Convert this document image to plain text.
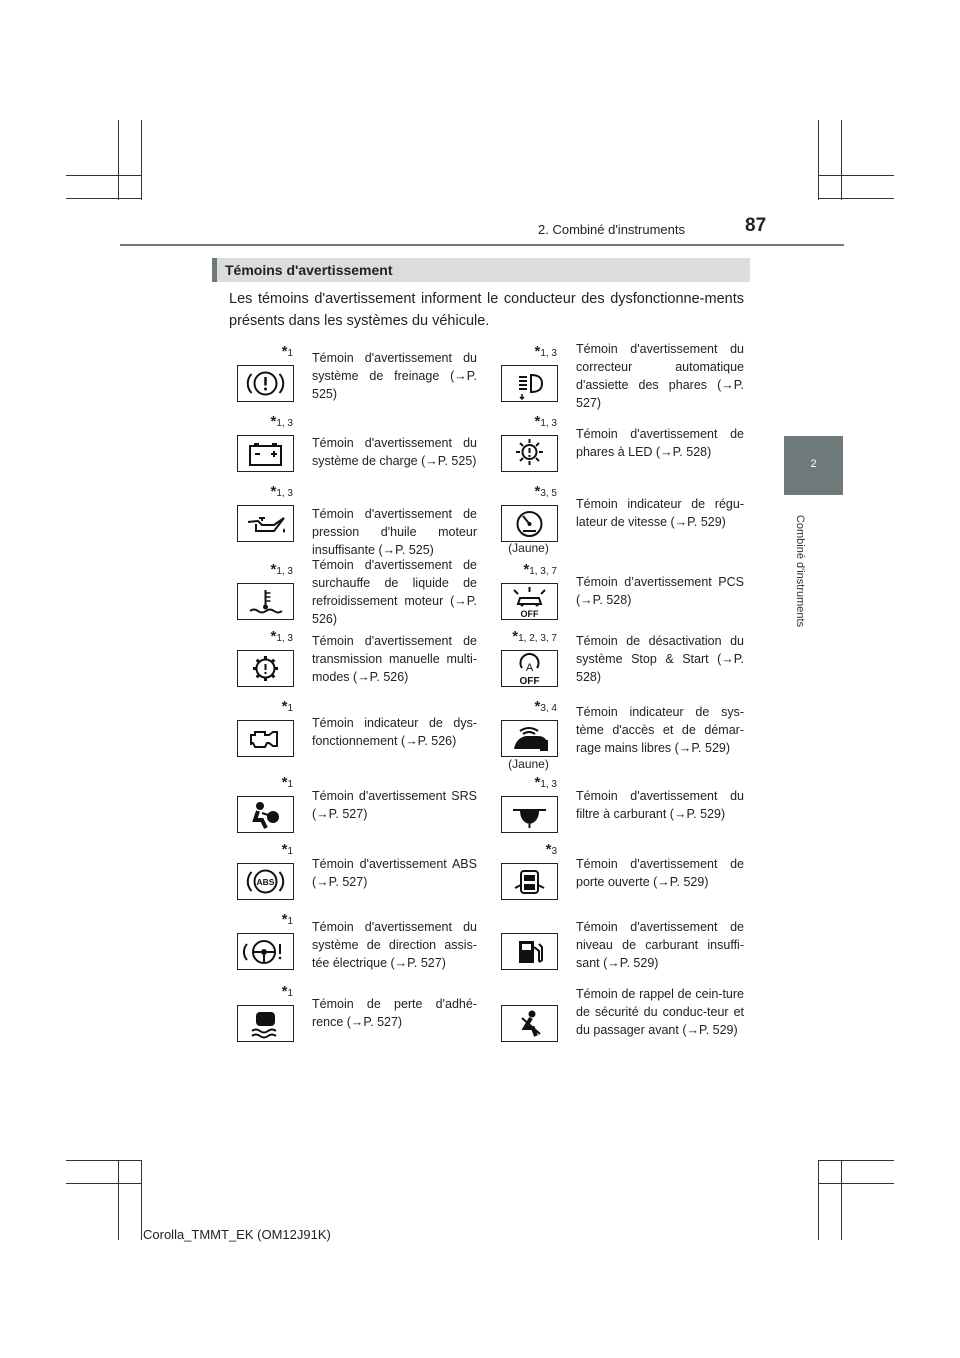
2. Combiné d'instruments	87
2
Combiné d'instruments
Témoins d'avertissement
Les témoins d'avertissement informent le conducteur des dysfonctionne-ments présents dans les systèmes du véhicule.
*1 Témoin d'avertissement du système de freinage (→P. 525)
*1, 3 Témoin d'avertissement du correcteur automatique d'assiette des phares (→P. 527)
*1, 3
Témoin d'avertissement du système de charge (→P. 525)
*1, 3
Témoin d'avertissement de phares à LED (→P. 528)
*1, 3
Témoin d'avertissement de pression d'huile moteur insuffisante (→P. 525)
*3, 5
(Jaune)
Témoin indicateur de régu-lateur de vitesse (→P. 529)
*1, 3 Témoin d'avertissement de surchauffe de liquide de refroidissement moteur (→P. 526)
*1, 3, 7
OFF
Témoin d’avertissement PCS (→P. 528)
*1, 3 Témoin d'avertissement de transmission manuelle multi-modes (→P. 526)
*1, 2, 3, 7
A
OFF
Témoin de désactivation du système Stop & Start (→P. 528)
*1
Témoin indicateur de dys-fonctionnement (→P. 526)
*3, 4
(Jaune)
Témoin indicateur de sys-tème d'accès et de démar-rage mains libres (→P. 529)
*1
Témoin d'avertissement SRS (→P. 527)
*1, 3
Témoin d'avertissement du filtre à carburant (→P. 529)
*1
ABS
Témoin d'avertissement ABS (→P. 527)
*3
Témoin d'avertissement de porte ouverte (→P. 529)
*1 Témoin d'avertissement du système de direction assis-tée électrique (→P. 527)
Témoin d'avertissement de niveau de carburant insuffi-sant (→P. 529)
*1
Témoin de perte d'adhé-rence (→P. 527)
Témoin de rappel de cein-ture de sécurité du conduc-teur et du passager avant (→P. 529)
Corolla_TMMT_EK (OM12J91K)
